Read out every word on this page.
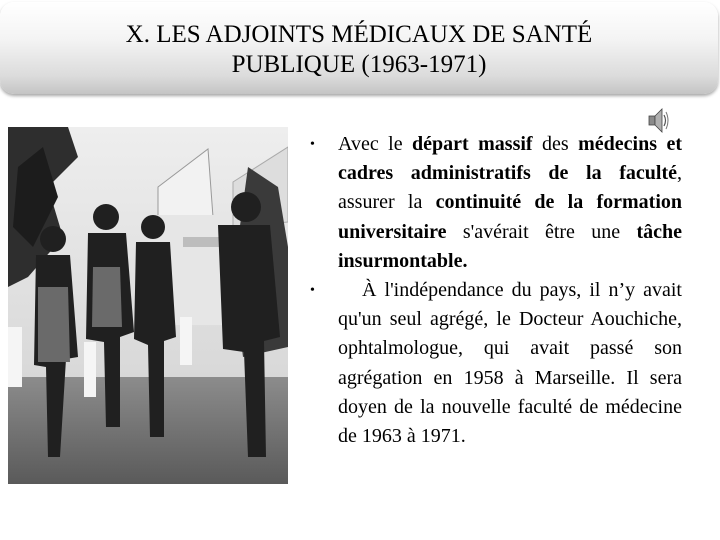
X. LES ADJOINTS MÉDICAUX DE SANTÉ
PUBLIQUE (1963-1971)
• Avec le départ massif des médecins et cadres administratifs de la faculté, assurer la continuité de la formation universitaire s'avérait être une tâche insurmontable.

• À l'indépendance du pays, il n’y avait qu'un seul agrégé, le Docteur Aouchiche, ophtalmologue, qui avait passé son agrégation en 1958 à Marseille. Il sera doyen de la nouvelle faculté de médecine de 1963 à 1971.
